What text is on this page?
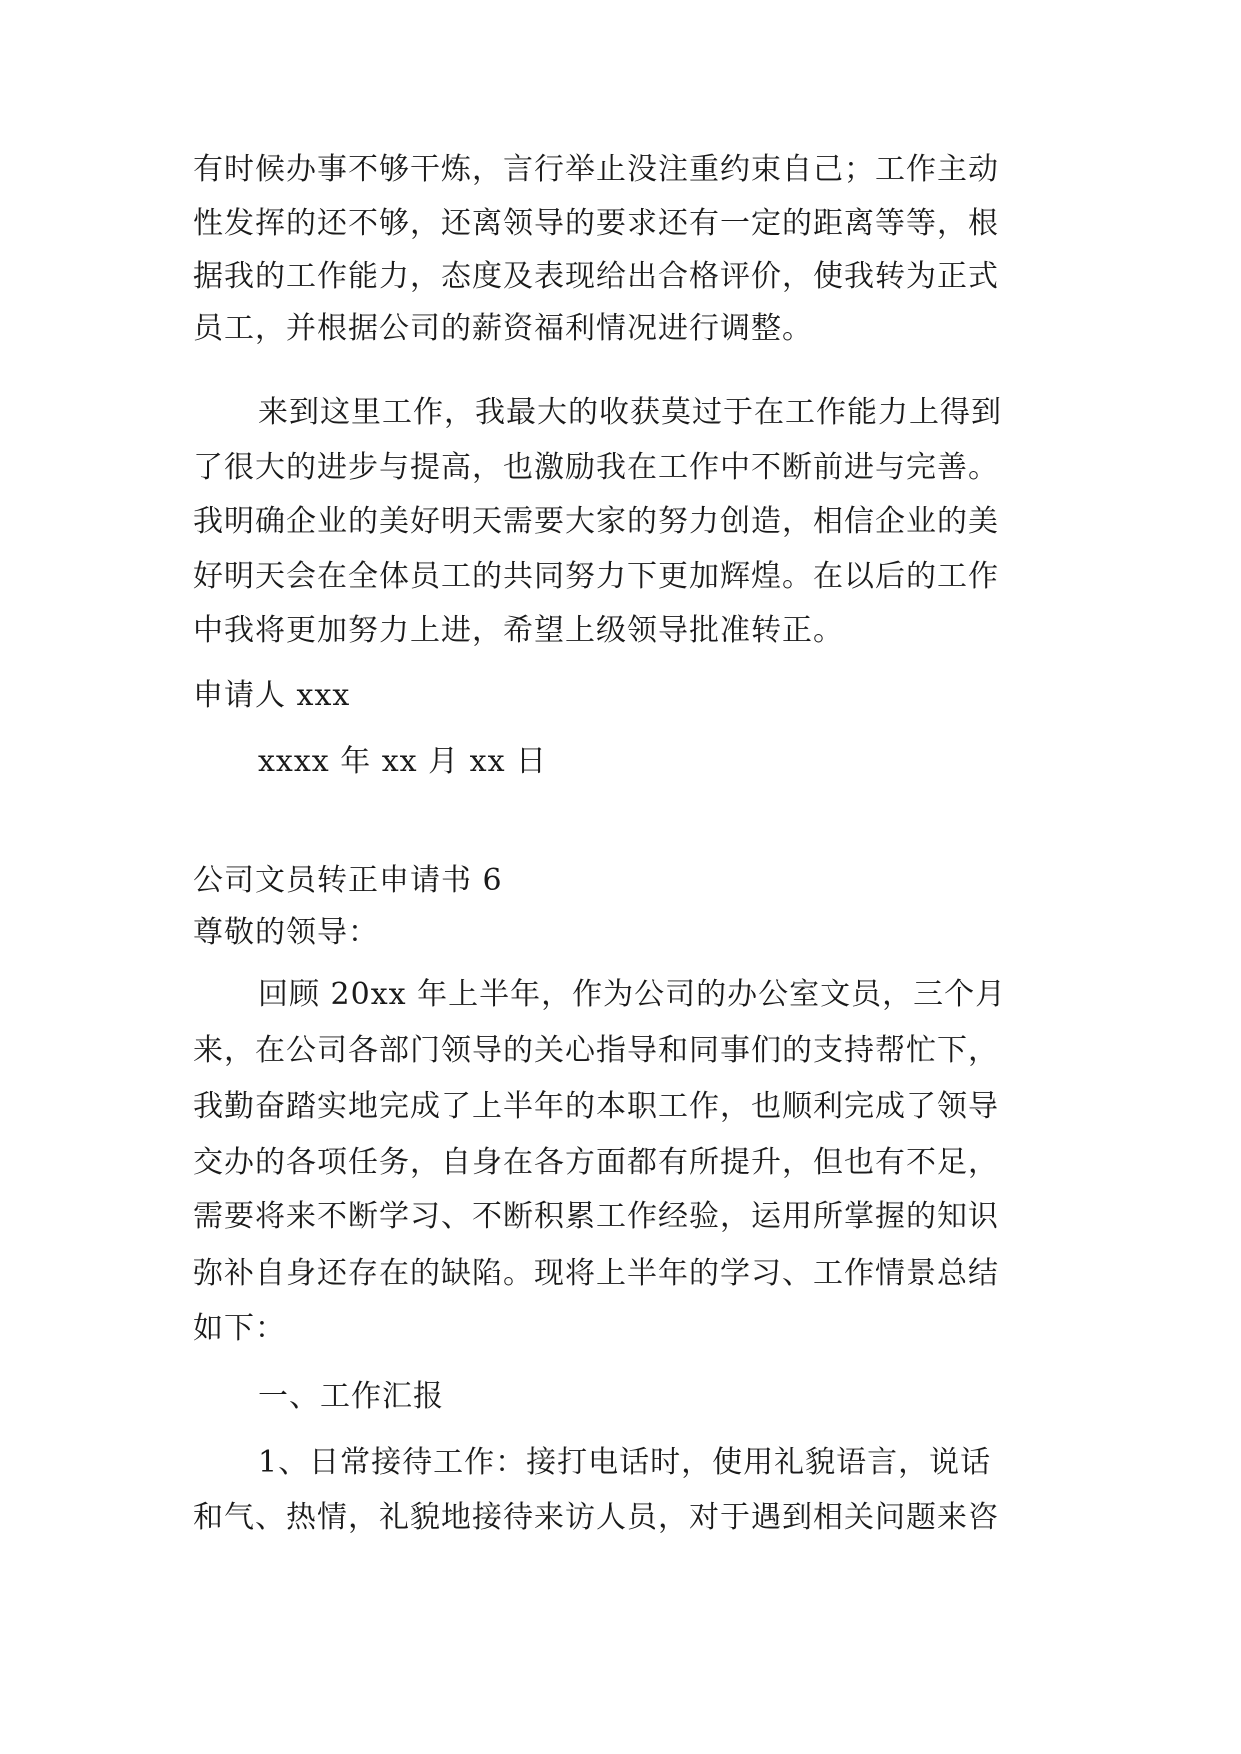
有时候办事不够干炼，言行举止没注重约束自己；工作主动

性发挥的还不够，还离领导的要求还有一定的距离等等，根

据我的工作能力，态度及表现给出合格评价，使我转为正式

员工，并根据公司的薪资福利情况进行调整。

来到这里工作，我最大的收获莫过于在工作能力上得到

了很大的进步与提高，也激励我在工作中不断前进与完善。

我明确企业的美好明天需要大家的努力创造，相信企业的美

好明天会在全体员工的共同努力下更加辉煌。在以后的工作

中我将更加努力上进，希望上级领导批准转正。

申请人 xxx

xxxx 年 xx 月 xx 日

公司文员转正申请书 6

尊敬的领导：

回顾 20xx 年上半年，作为公司的办公室文员，三个月

来，在公司各部门领导的关心指导和同事们的支持帮忙下，

我勤奋踏实地完成了上半年的本职工作，也顺利完成了领导

交办的各项任务，自身在各方面都有所提升，但也有不足，

需要将来不断学习、不断积累工作经验，运用所掌握的知识

弥补自身还存在的缺陷。现将上半年的学习、工作情景总结

如下：

一、工作汇报

1、日常接待工作：接打电话时，使用礼貌语言，说话

和气、热情，礼貌地接待来访人员，对于遇到相关问题来咨
